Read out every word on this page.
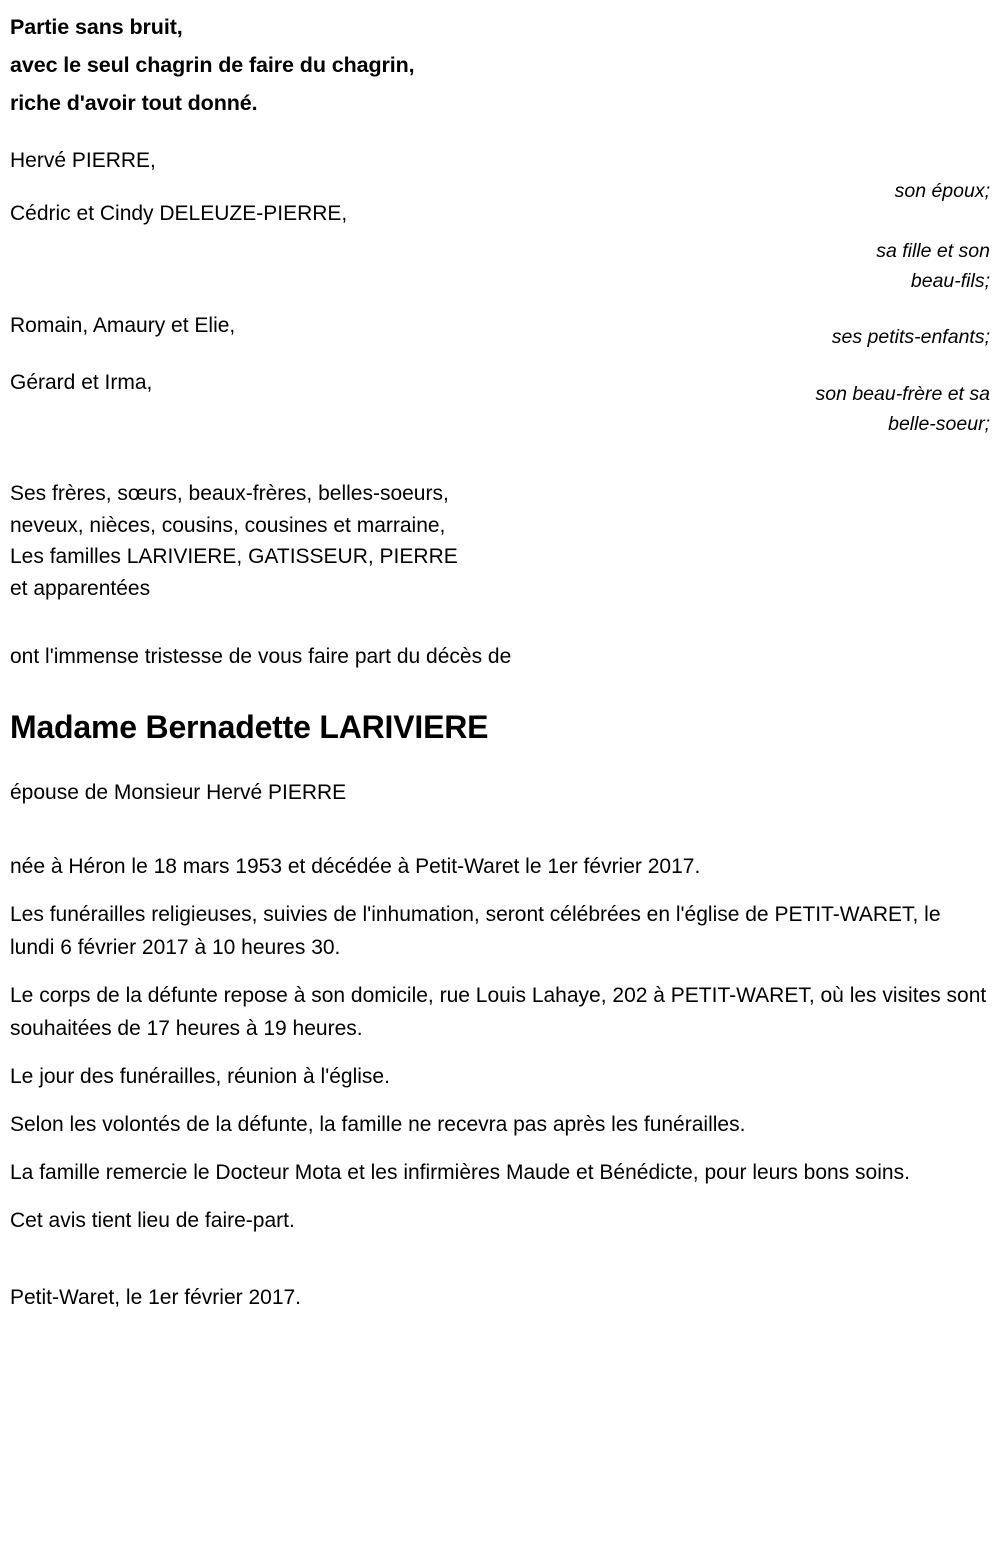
Partie sans bruit,
avec le seul chagrin de faire du chagrin,
riche d'avoir tout donné.
Hervé PIERRE,
Cédric et Cindy DELEUZE-PIERRE,
Romain, Amaury et Elie,
Gérard et Irma,
son époux;
sa fille et son
beau-fils;
ses petits-enfants;
son beau-frère et sa
belle-soeur;
Ses frères, sœurs, beaux-frères, belles-soeurs,
neveux, nièces, cousins, cousines et marraine,
Les familles LARIVIERE, GATISSEUR, PIERRE
et apparentées
ont l'immense tristesse de vous faire part du décès de
Madame Bernadette LARIVIERE
épouse de Monsieur Hervé PIERRE
née à Héron le 18 mars 1953 et décédée à Petit-Waret le 1er février 2017.
Les funérailles religieuses, suivies de l'inhumation, seront célébrées en l'église de PETIT-WARET, le lundi 6 février 2017 à 10 heures 30.
Le corps de la défunte repose à son domicile, rue Louis Lahaye, 202 à PETIT-WARET, où les visites sont souhaitées de 17 heures à 19 heures.
Le jour des funérailles, réunion à l'église.
Selon les volontés de la défunte, la famille ne recevra pas après les funérailles.
La famille remercie le Docteur Mota et les infirmières Maude et Bénédicte, pour leurs bons soins.
Cet avis tient lieu de faire-part.
Petit-Waret, le 1er février 2017.
